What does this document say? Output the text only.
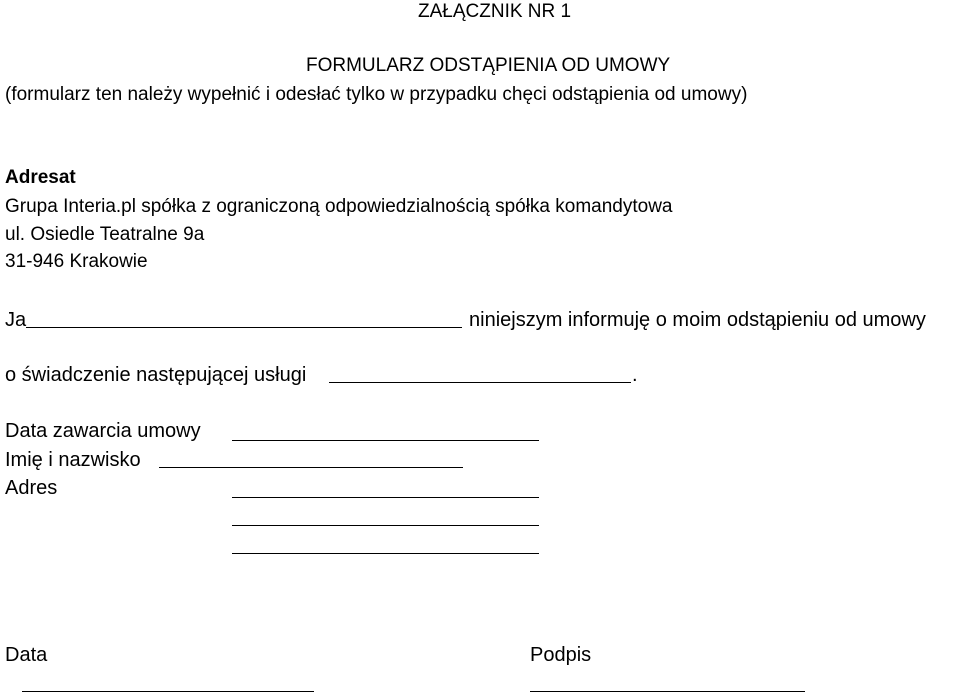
ZAŁĄCZNIK NR 1
FORMULARZ ODSTĄPIENIA OD UMOWY
(formularz ten należy wypełnić i odesłać tylko w przypadku chęci odstąpienia od umowy)
Adresat
Grupa Interia.pl spółka z ograniczoną odpowiedzialnością spółka komandytowa
ul. Osiedle Teatralne 9a
31-946 Krakowie
Ja	niniejszym informuję o moim odstąpieniu od umowy
o świadczenie następującej usługi	.
Data zawarcia umowy
Imię i nazwisko
Adres
Data	Podpis
